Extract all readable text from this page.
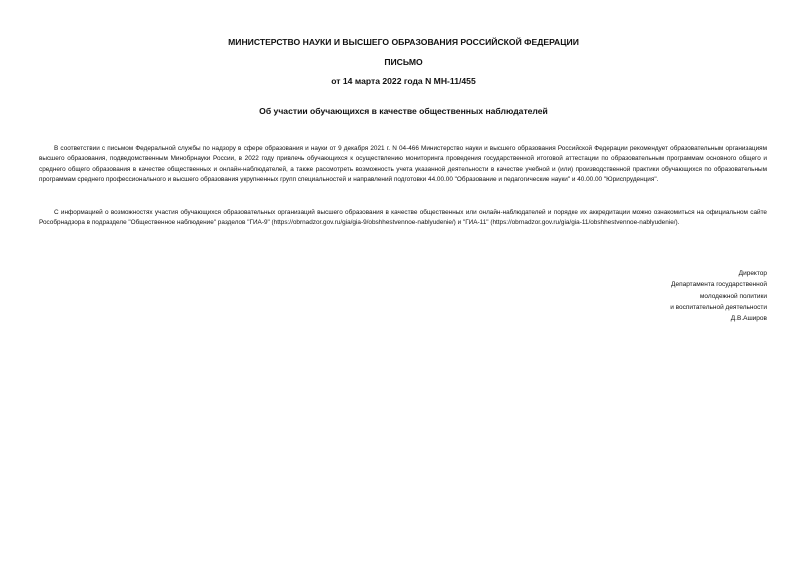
МИНИСТЕРСТВО НАУКИ И ВЫСШЕГО ОБРАЗОВАНИЯ РОССИЙСКОЙ ФЕДЕРАЦИИ
ПИСЬМО
от 14 марта 2022 года N МН-11/455
Об участии обучающихся в качестве общественных наблюдателей

В соответствии с письмом Федеральной службы по надзору в сфере образования и науки от 9 декабря 2021 г. N 04-466 Министерство науки и высшего образования Российской Федерации рекомендует образовательным организациям высшего образования, подведомственным Минобрнауки России, в 2022 году привлечь обучающихся к осуществлению мониторинга проведения государственной итоговой аттестации по образовательным программам основного общего и среднего общего образования в качестве общественных и онлайн-наблюдателей, а также рассмотреть возможность учета указанной деятельности в качестве учебной и (или) производственной практики обучающихся по образовательным программам среднего профессионального и высшего образования укрупненных групп специальностей и направлений подготовки 44.00.00 "Образование и педагогические науки" и 40.00.00 "Юриспруденция".

С информацией о возможностях участия обучающихся образовательных организаций высшего образования в качестве общественных или онлайн-наблюдателей и порядке их аккредитации можно ознакомиться на официальном сайте Рособрнадзора в подразделе "Общественное наблюдение" разделов "ГИА-9" (https://obrnadzor.gov.ru/gia/gia-9/obshhestvennoe-nablyudenie/) и "ГИА-11" (https://obrnadzor.gov.ru/gia/gia-11/obshhestvennoe-nablyudenie/).

Директор
Департамента государственной
молодежной политики
и воспитательной деятельности
Д.В.Аширов
